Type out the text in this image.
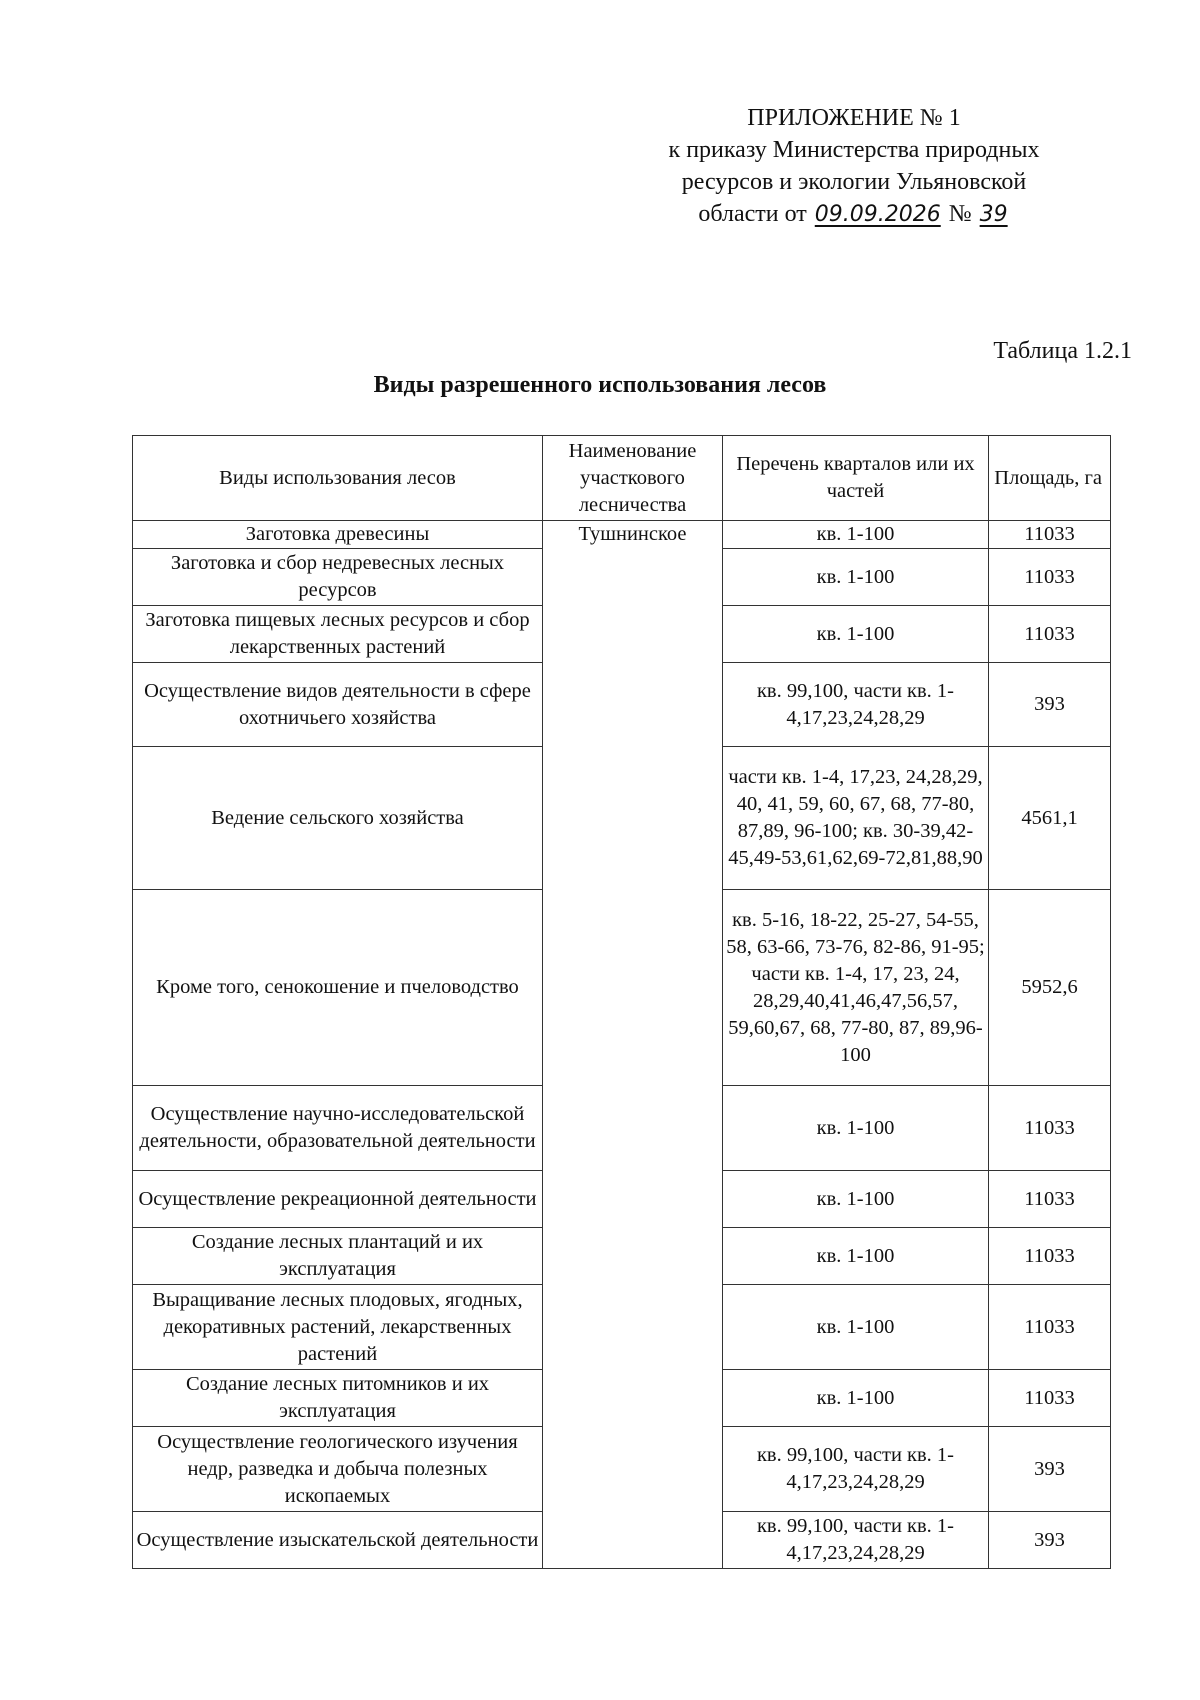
ПРИЛОЖЕНИЕ № 1
к приказу Министерства природных
ресурсов и экологии Ульяновской
области от 09.09.2026 № 39
Таблица 1.2.1
Виды разрешенного использования лесов
Виды использования лесов	Наименование участкового лесничества	Перечень кварталов или их частей	Площадь, га
Заготовка древесины	Тушнинское	кв. 1-100	11033
Заготовка и сбор недревесных лесных ресурсов		кв. 1-100	11033
Заготовка пищевых лесных ресурсов и сбор лекарственных растений		кв. 1-100	11033
Осуществление видов деятельности в сфере охотничьего хозяйства		кв. 99,100, части кв. 1-4,17,23,24,28,29	393
Ведение сельского хозяйства		части кв. 1-4, 17,23, 24,28,29, 40, 41, 59, 60, 67, 68, 77-80, 87,89, 96-100; кв. 30-39,42-45,49-53,61,62,69-72,81,88,90	4561,1
Кроме того, сенокошение и пчеловодство		кв. 5-16, 18-22, 25-27, 54-55, 58, 63-66, 73-76, 82-86, 91-95; части кв. 1-4, 17, 23, 24, 28,29,40,41,46,47,56,57, 59,60,67, 68, 77-80, 87, 89,96-100	5952,6
Осуществление научно-исследовательской деятельности, образовательной деятельности		кв. 1-100	11033
Осуществление рекреационной деятельности		кв. 1-100	11033
Создание лесных плантаций и их эксплуатация		кв. 1-100	11033
Выращивание лесных плодовых, ягодных, декоративных растений, лекарственных растений		кв. 1-100	11033
Создание лесных питомников и их эксплуатация		кв. 1-100	11033
Осуществление геологического изучения недр, разведка и добыча полезных ископаемых		кв. 99,100, части кв. 1-4,17,23,24,28,29	393
Осуществление изыскательской деятельности		кв. 99,100, части кв. 1-4,17,23,24,28,29	393
